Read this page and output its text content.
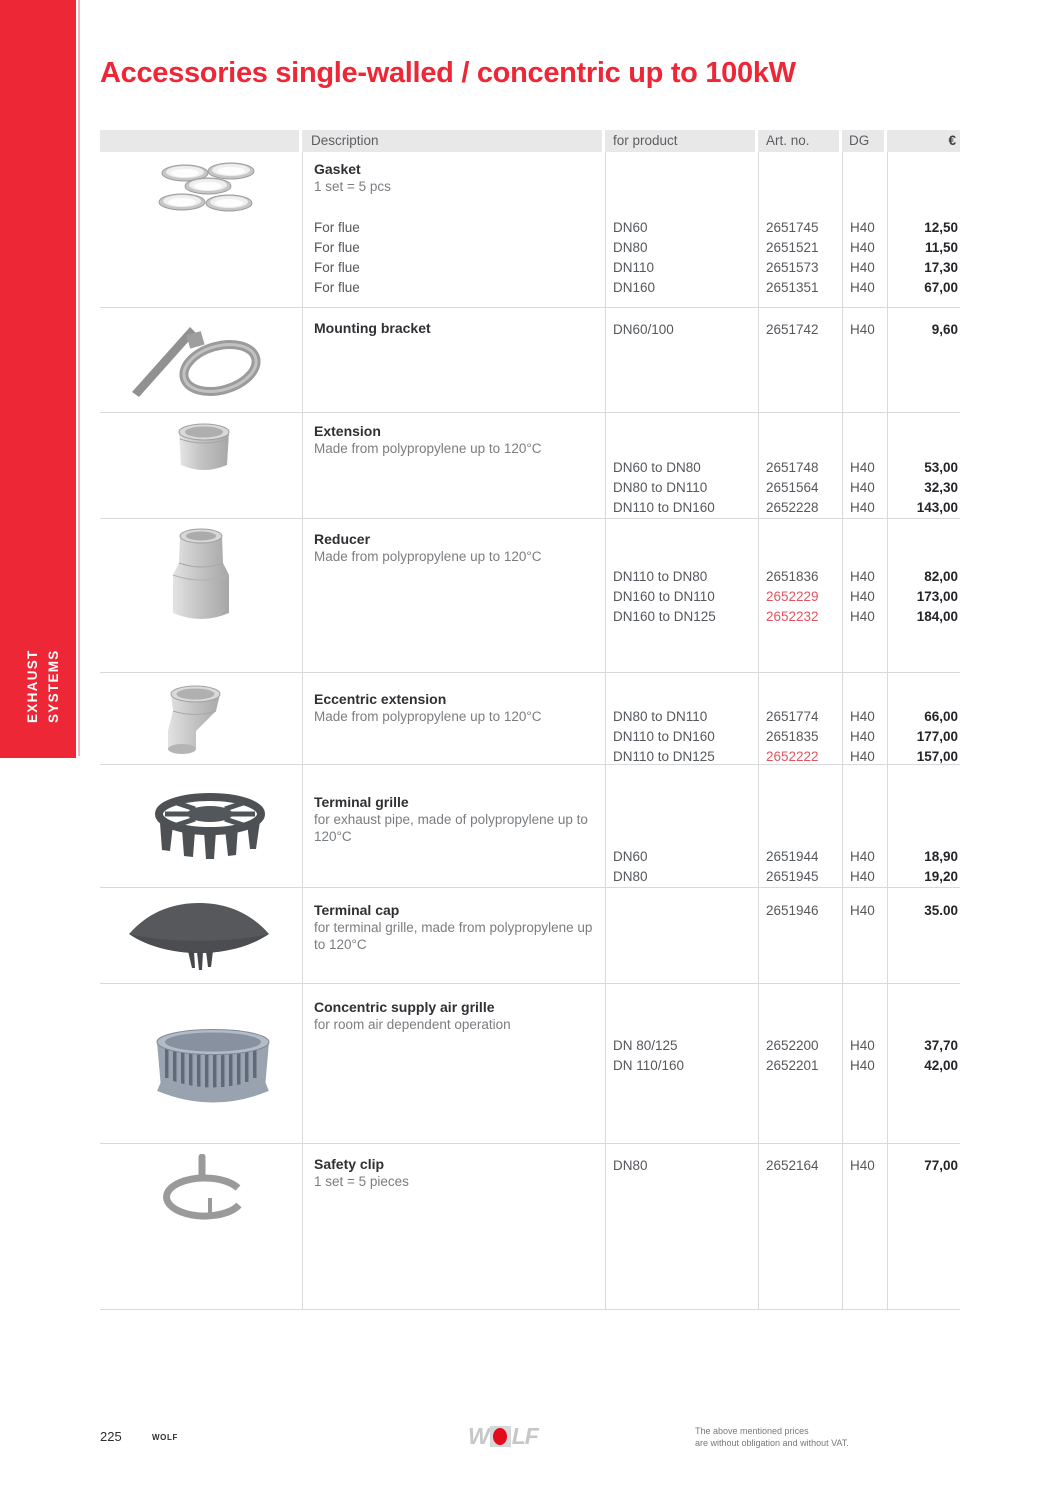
EXHAUST SYSTEMS
Accessories single-walled / concentric up to 100kW
Description	for product	Art. no.	DG	€
Gasket
1 set = 5 pcs
For flue	DN60	2651745	H40	12,50
For flue	DN80	2651521	H40	11,50
For flue	DN110	2651573	H40	17,30
For flue	DN160	2651351	H40	67,00
Mounting bracket	DN60/100	2651742	H40	9,60
Extension
Made from polypropylene up to 120°C
DN60 to DN80	2651748	H40	53,00
DN80 to DN110	2651564	H40	32,30
DN110 to DN160	2652228	H40	143,00
Reducer
Made from polypropylene up to 120°C
DN110 to DN80	2651836	H40	82,00
DN160 to DN110	2652229	H40	173,00
DN160 to DN125	2652232	H40	184,00
Eccentric extension
Made from polypropylene up to 120°C	DN80 to DN110	2651774	H40	66,00
DN110 to DN160	2651835	H40	177,00
DN110 to DN125	2652222	H40	157,00
Terminal grille
for exhaust pipe, made of polypropylene up to 120°C
DN60	2651944	H40	18,90
DN80	2651945	H40	19,20
Terminal cap
for terminal grille, made from polypropylene up to 120°C
2651946	H40	35.00
Concentric supply air grille
for room air dependent operation
DN 80/125	2652200	H40	37,70
DN 110/160	2652201	H40	42,00
Safety clip
1 set = 5 pieces
DN80	2652164	H40	77,00
225	WOLF	W LF	The above mentioned prices
are without obligation and without VAT.
